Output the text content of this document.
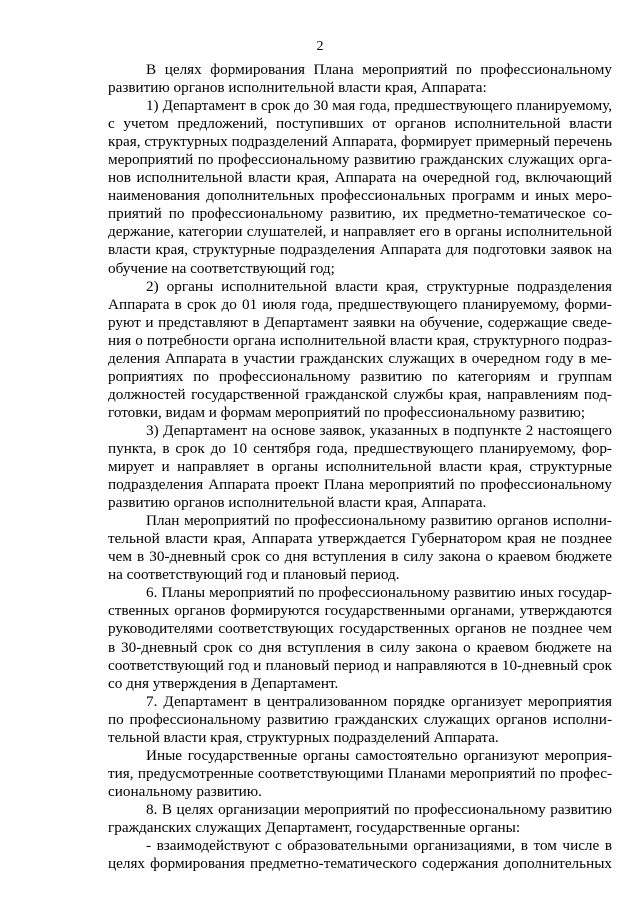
2
В целях формирования Плана мероприятий по профессиональному
развитию органов исполнительной власти края, Аппарата:
1) Департамент в срок до 30 мая года, предшествующего планируемому,
с учетом предложений, поступивших от органов исполнительной власти
края, структурных подразделений Аппарата, формирует примерный перечень
мероприятий по профессиональному развитию гражданских служащих орга-
нов исполнительной власти края, Аппарата на очередной год, включающий
наименования дополнительных профессиональных программ и иных меро-
приятий по профессиональному развитию, их предметно-тематическое со-
держание, категории слушателей, и направляет его в органы исполнительной
власти края, структурные подразделения Аппарата для подготовки заявок на
обучение на соответствующий год;
2) органы исполнительной власти края, структурные подразделения
Аппарата в срок до 01 июля года, предшествующего планируемому, форми-
руют и представляют в Департамент заявки на обучение, содержащие сведе-
ния о потребности органа исполнительной власти края, структурного подраз-
деления Аппарата в участии гражданских служащих в очередном году в ме-
роприятиях по профессиональному развитию по категориям и группам
должностей государственной гражданской службы края, направлениям под-
готовки, видам и формам мероприятий по профессиональному развитию;
3) Департамент на основе заявок, указанных в подпункте 2 настоящего
пункта, в срок до 10 сентября года, предшествующего планируемому, фор-
мирует и направляет в органы исполнительной власти края, структурные
подразделения Аппарата проект Плана мероприятий по профессиональному
развитию органов исполнительной власти края, Аппарата.
План мероприятий по профессиональному развитию органов исполни-
тельной власти края, Аппарата утверждается Губернатором края не позднее
чем в 30-дневный срок со дня вступления в силу закона о краевом бюджете
на соответствующий год и плановый период.
6. Планы мероприятий по профессиональному развитию иных государ-
ственных органов формируются государственными органами, утверждаются
руководителями соответствующих государственных органов не позднее чем
в 30-дневный срок со дня вступления в силу закона о краевом бюджете на
соответствующий год и плановый период и направляются в 10-дневный срок
со дня утверждения в Департамент.
7. Департамент в централизованном порядке организует мероприятия
по профессиональному развитию гражданских служащих органов исполни-
тельной власти края, структурных подразделений Аппарата.
Иные государственные органы самостоятельно организуют мероприя-
тия, предусмотренные соответствующими Планами мероприятий по профес-
сиональному развитию.
8. В целях организации мероприятий по профессиональному развитию
гражданских служащих Департамент, государственные органы:
- взаимодействуют с образовательными организациями, в том числе в
целях формирования предметно-тематического содержания дополнительных
